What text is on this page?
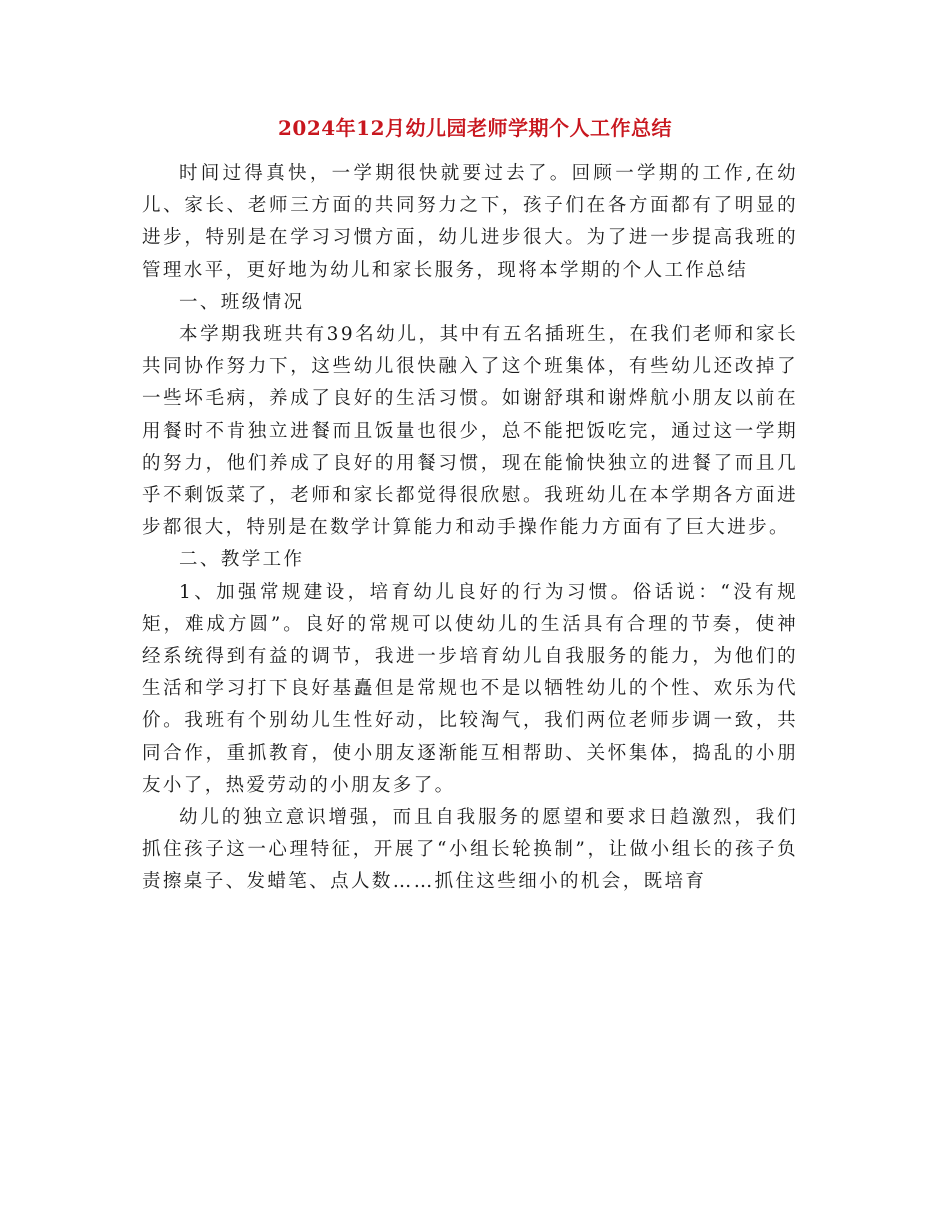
2024年12月幼儿园老师学期个人工作总结

时间过得真快，一学期很快就要过去了。回顾一学期的工作,在幼儿、家长、老师三方面的共同努力之下，孩子们在各方面都有了明显的进步，特别是在学习习惯方面，幼儿进步很大。为了进一步提高我班的管理水平，更好地为幼儿和家长服务，现将本学期的个人工作总结

一、班级情况

本学期我班共有39名幼儿，其中有五名插班生，在我们老师和家长共同协作努力下，这些幼儿很快融入了这个班集体，有些幼儿还改掉了一些坏毛病，养成了良好的生活习惯。如谢舒琪和谢烨航小朋友以前在用餐时不肯独立进餐而且饭量也很少，总不能把饭吃完，通过这一学期的努力，他们养成了良好的用餐习惯，现在能愉快独立的进餐了而且几乎不剩饭菜了，老师和家长都觉得很欣慰。我班幼儿在本学期各方面进步都很大，特别是在数学计算能力和动手操作能力方面有了巨大进步。

二、教学工作

1、加强常规建设，培育幼儿良好的行为习惯。俗话说：“没有规矩，难成方圆”。良好的常规可以使幼儿的生活具有合理的节奏，使神经系统得到有益的调节，我进一步培育幼儿自我服务的能力，为他们的生活和学习打下良好基矗但是常规也不是以牺牲幼儿的个性、欢乐为代价。我班有个别幼儿生性好动，比较淘气，我们两位老师步调一致，共同合作，重抓教育，使小朋友逐渐能互相帮助、关怀集体，捣乱的小朋友小了，热爱劳动的小朋友多了。

幼儿的独立意识增强，而且自我服务的愿望和要求日趋激烈，我们抓住孩子这一心理特征，开展了“小组长轮换制”，让做小组长的孩子负责擦桌子、发蜡笔、点人数……抓住这些细小的机会，既培育
